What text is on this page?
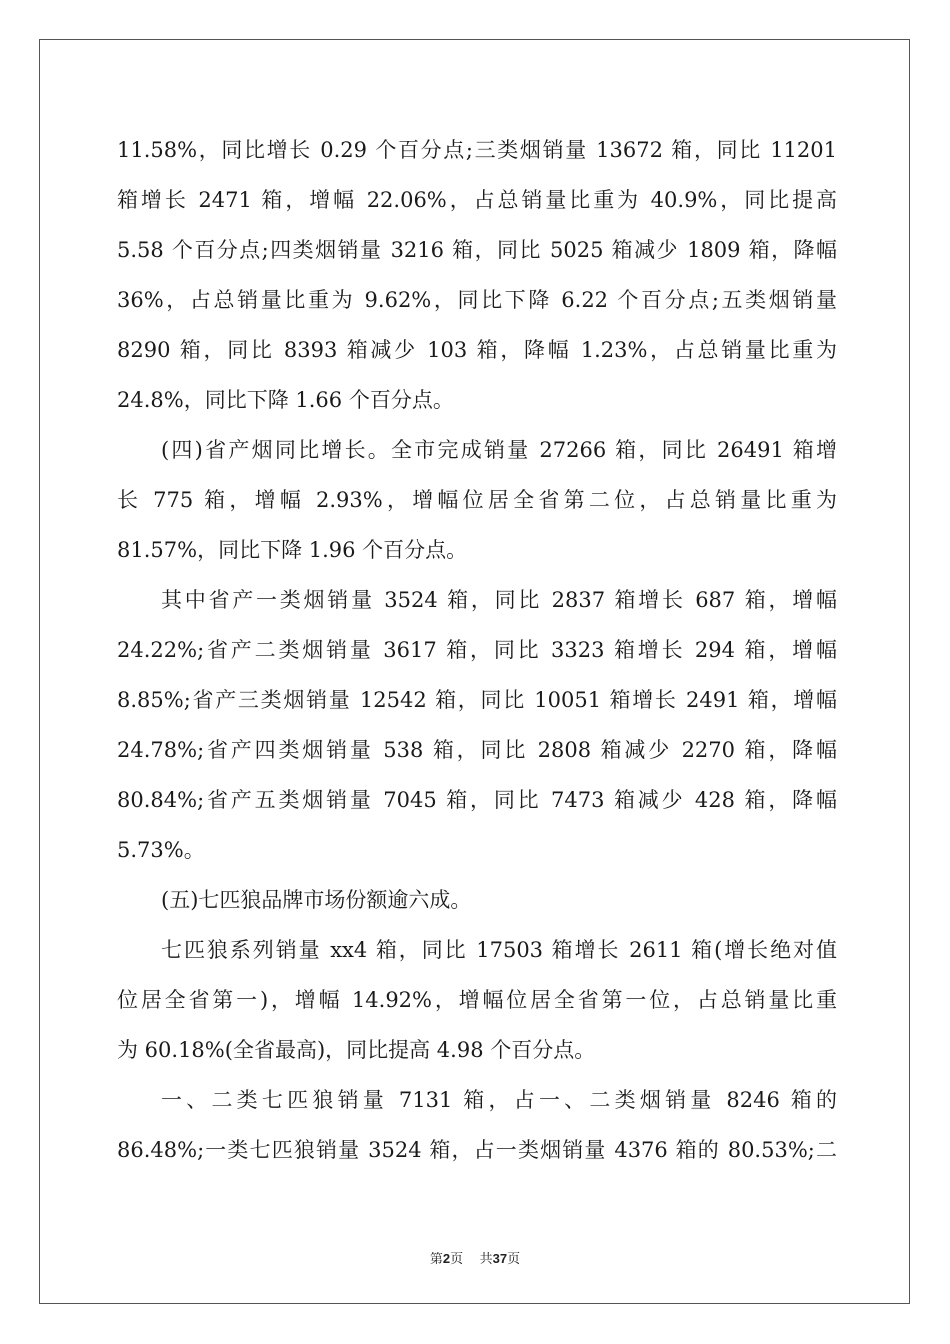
11.58%，同比增长 0.29 个百分点;三类烟销量 13672 箱，同比 11201
箱增长 2471 箱，增幅 22.06%，占总销量比重为 40.9%，同比提高
5.58 个百分点;四类烟销量 3216 箱，同比 5025 箱减少 1809 箱，降幅
36%，占总销量比重为 9.62%，同比下降 6.22 个百分点;五类烟销量
8290 箱，同比 8393 箱减少 103 箱，降幅 1.23%，占总销量比重为
24.8%，同比下降 1.66 个百分点。
(四)省产烟同比增长。全市完成销量 27266 箱，同比 26491 箱增
长 775 箱，增幅 2.93%，增幅位居全省第二位，占总销量比重为
81.57%，同比下降 1.96 个百分点。
其中省产一类烟销量 3524 箱，同比 2837 箱增长 687 箱，增幅
24.22%;省产二类烟销量 3617 箱，同比 3323 箱增长 294 箱，增幅
8.85%;省产三类烟销量 12542 箱，同比 10051 箱增长 2491 箱，增幅
24.78%;省产四类烟销量 538 箱，同比 2808 箱减少 2270 箱，降幅
80.84%;省产五类烟销量 7045 箱，同比 7473 箱减少 428 箱，降幅
5.73%。
(五)七匹狼品牌市场份额逾六成。
七匹狼系列销量 xx4 箱，同比 17503 箱增长 2611 箱(增长绝对值
位居全省第一)，增幅 14.92%，增幅位居全省第一位，占总销量比重
为 60.18%(全省最高)，同比提高 4.98 个百分点。
一、二类七匹狼销量 7131 箱，占一、二类烟销量 8246 箱的
86.48%;一类七匹狼销量 3524 箱，占一类烟销量 4376 箱的 80.53%;二
第2页 共37页
